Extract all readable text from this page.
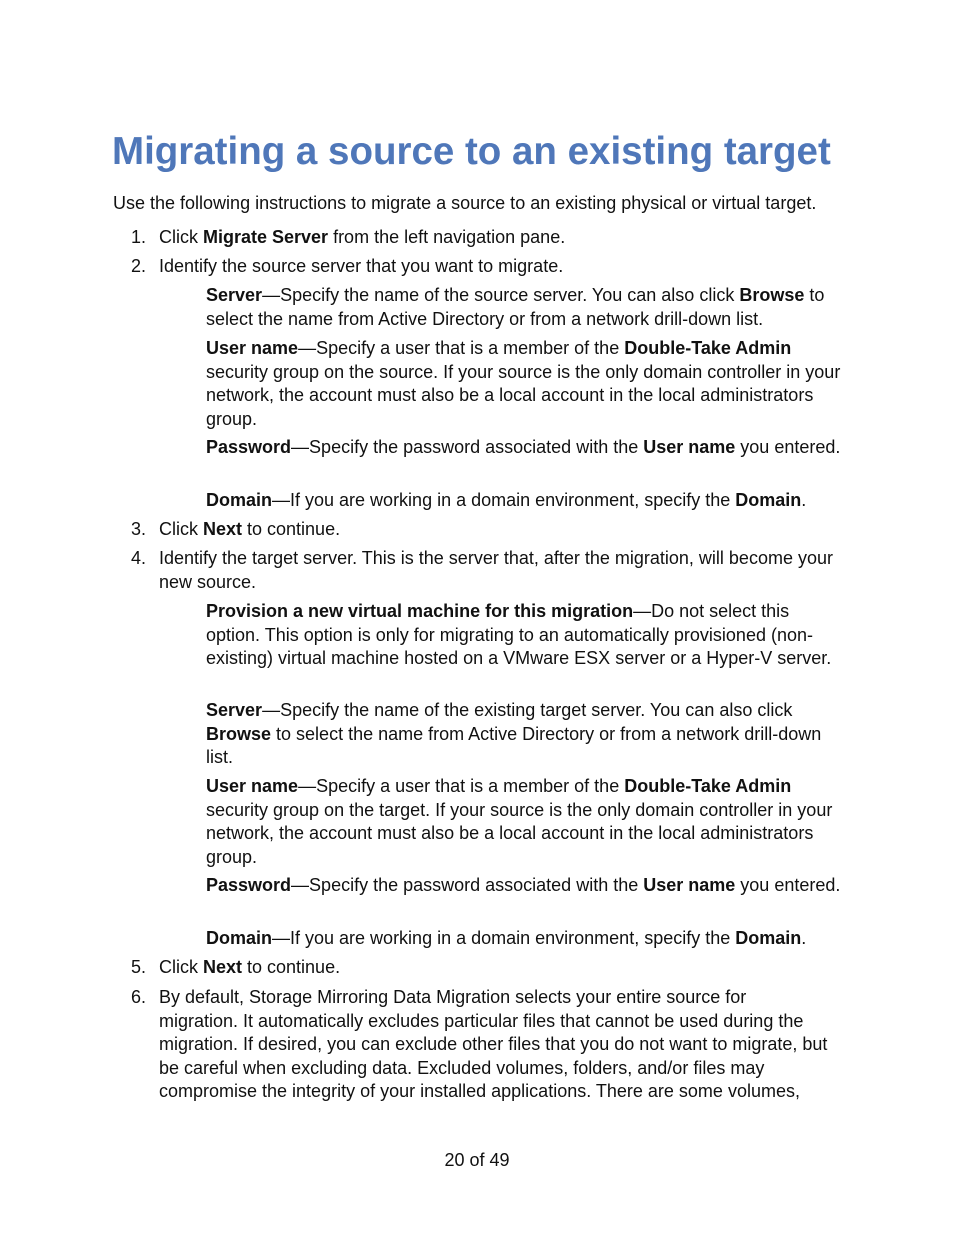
Migrating a source to an existing target

Use the following instructions to migrate a source to an existing physical or virtual target.

1. Click Migrate Server from the left navigation pane.
2. Identify the source server that you want to migrate.

Server—Specify the name of the source server. You can also click Browse to select the name from Active Directory or from a network drill-down list.

User name—Specify a user that is a member of the Double-Take Admin security group on the source. If your source is the only domain controller in your network, the account must also be a local account in the local administrators group.

Password—Specify the password associated with the User name you entered.

Domain—If you are working in a domain environment, specify the Domain.

3. Click Next to continue.
4. Identify the target server. This is the server that, after the migration, will become your new source.

Provision a new virtual machine for this migration—Do not select this option. This option is only for migrating to an automatically provisioned (non-existing) virtual machine hosted on a VMware ESX server or a Hyper-V server.

Server—Specify the name of the existing target server. You can also click Browse to select the name from Active Directory or from a network drill-down list.

User name—Specify a user that is a member of the Double-Take Admin security group on the target. If your source is the only domain controller in your network, the account must also be a local account in the local administrators group.

Password—Specify the password associated with the User name you entered.

Domain—If you are working in a domain environment, specify the Domain.

5. Click Next to continue.
6. By default, Storage Mirroring Data Migration selects your entire source for migration. It automatically excludes particular files that cannot be used during the migration. If desired, you can exclude other files that you do not want to migrate, but be careful when excluding data. Excluded volumes, folders, and/or files may compromise the integrity of your installed applications. There are some volumes,
20 of 49
